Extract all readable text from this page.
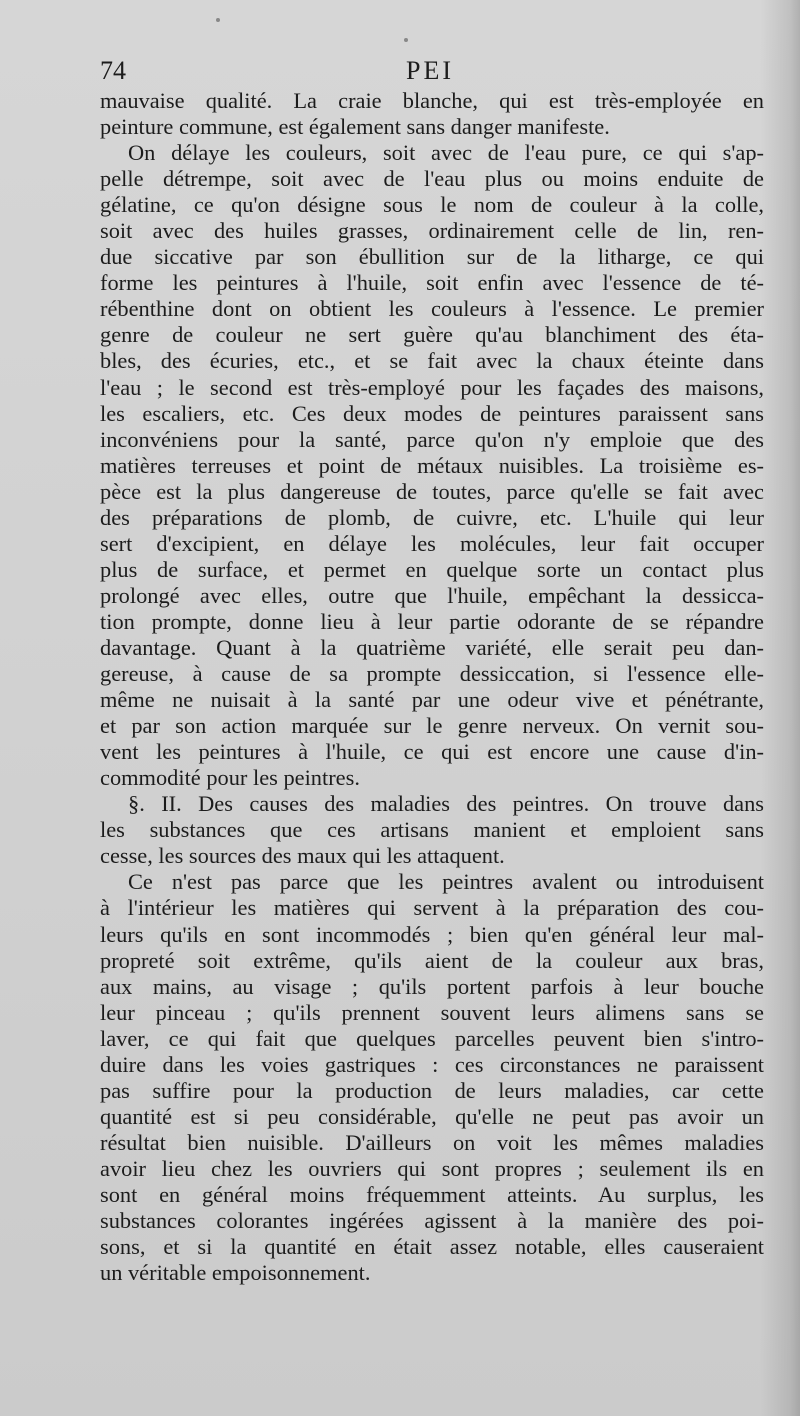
74	PEI
mauvaise qualité. La craie blanche, qui est très-employée en
peinture commune, est également sans danger manifeste.
On délaye les couleurs, soit avec de l'eau pure, ce qui s'ap-
pelle détrempe, soit avec de l'eau plus ou moins enduite de
gélatine, ce qu'on désigne sous le nom de couleur à la colle,
soit avec des huiles grasses, ordinairement celle de lin, ren-
due siccative par son ébullition sur de la litharge, ce qui
forme les peintures à l'huile, soit enfin avec l'essence de té-
rébenthine dont on obtient les couleurs à l'essence. Le premier
genre de couleur ne sert guère qu'au blanchiment des éta-
bles, des écuries, etc., et se fait avec la chaux éteinte dans
l'eau ; le second est très-employé pour les façades des maisons,
les escaliers, etc. Ces deux modes de peintures paraissent sans
inconvéniens pour la santé, parce qu'on n'y emploie que des
matières terreuses et point de métaux nuisibles. La troisième es-
pèce est la plus dangereuse de toutes, parce qu'elle se fait avec
des préparations de plomb, de cuivre, etc. L'huile qui leur
sert d'excipient, en délaye les molécules, leur fait occuper
plus de surface, et permet en quelque sorte un contact plus
prolongé avec elles, outre que l'huile, empêchant la dessicca-
tion prompte, donne lieu à leur partie odorante de se répandre
davantage. Quant à la quatrième variété, elle serait peu dan-
gereuse, à cause de sa prompte dessiccation, si l'essence elle-
même ne nuisait à la santé par une odeur vive et pénétrante,
et par son action marquée sur le genre nerveux. On vernit sou-
vent les peintures à l'huile, ce qui est encore une cause d'in-
commodité pour les peintres.
§. II. Des causes des maladies des peintres. On trouve dans
les substances que ces artisans manient et emploient sans
cesse, les sources des maux qui les attaquent.
Ce n'est pas parce que les peintres avalent ou introduisent
à l'intérieur les matières qui servent à la préparation des cou-
leurs qu'ils en sont incommodés ; bien qu'en général leur mal-
propreté soit extrême, qu'ils aient de la couleur aux bras,
aux mains, au visage ; qu'ils portent parfois à leur bouche
leur pinceau ; qu'ils prennent souvent leurs alimens sans se
laver, ce qui fait que quelques parcelles peuvent bien s'intro-
duire dans les voies gastriques : ces circonstances ne paraissent
pas suffire pour la production de leurs maladies, car cette
quantité est si peu considérable, qu'elle ne peut pas avoir un
résultat bien nuisible. D'ailleurs on voit les mêmes maladies
avoir lieu chez les ouvriers qui sont propres ; seulement ils en
sont en général moins fréquemment atteints. Au surplus, les
substances colorantes ingérées agissent à la manière des poi-
sons, et si la quantité en était assez notable, elles causeraient
un véritable empoisonnement.
